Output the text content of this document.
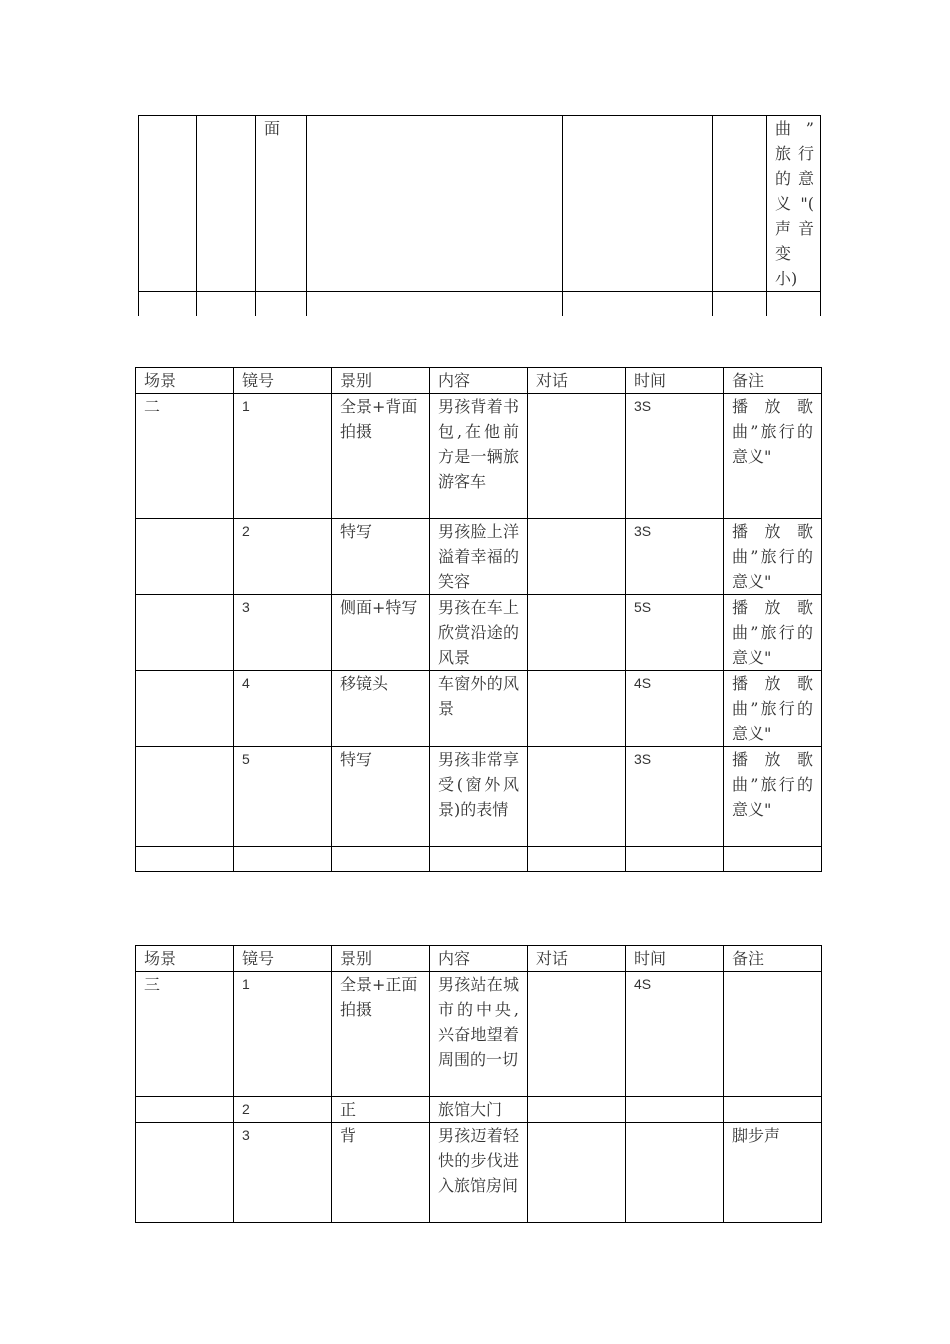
		面				曲 ” 旅行 的意 义 "( 声 音变 小)

场景	镜号	景别	内容	对话	时间	备注
二	1	全景+背面拍摄	男孩背着书包,在他前方是一辆旅游客车		3S	播放歌曲”旅行的意义"
	2	特写	男孩脸上洋溢着幸福的笑容		3S	播放歌曲”旅行的意义"
	3	侧面+特写	男孩在车上欣赏沿途的风景		5S	播放歌曲”旅行的意义"
	4	移镜头	车窗外的风景		4S	播放歌曲”旅行的意义"
	5	特写	男孩非常享受(窗外风景)的表情		3S	播放歌曲”旅行的意义"

场景	镜号	景别	内容	对话	时间	备注
三	1	全景+正面拍摄	男孩站在城市的中央,兴奋地望着周围的一切		4S	
	2	正	旅馆大门			
	3	背	男孩迈着轻快的步伐进入旅馆房间			脚步声
